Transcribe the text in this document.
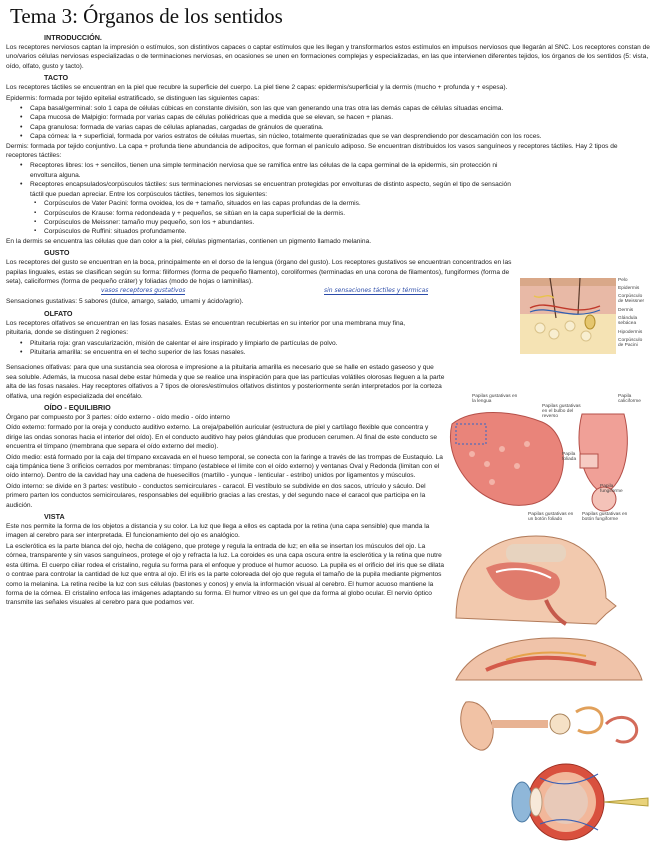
Tema 3: Órganos de los sentidos
INTRODUCCIÓN.

Los receptores nerviosos captan la impresión o estímulos, son distintivos capaces o captar estímulos que les llegan y transformarlos estos estímulos en impulsos nerviosos que llegarán al SNC. Los receptores constan de uno/varios células nerviosas especializadas o de terminaciones nerviosas, en ocasiones se unen en formaciones complejas y especializadas, en las que intervienen diferentes tejidos, los órganos de los sentidos (5: vista, oído, olfato, gusto y tacto).

TACTO

Los receptores táctiles se encuentran en la piel que recubre la superficie del cuerpo. La piel tiene 2 capas: epidermis/superficial y la dermis (mucho + profunda y + espesa).

Epidermis: formada por tejido epitelial estratificado, se distinguen las siguientes capas:

• Capa basal/germinal: solo 1 capa de células cúbicas en constante división, son las que van generando una tras otra las demás capas de células situadas encima.
• Capa mucosa de Malpigio: formada por varias capas de células poliédricas que a medida que se elevan, se hacen + planas.
• Capa granulosa: formada de varias capas de células aplanadas, cargadas de gránulos de queratina.
• Capa córnea: la + superficial, formada por varios estratos de células muertas, sin núcleo, totalmente queratinizadas que se van desprendiendo por descamación con los roces.

Dermis: formada por tejido conjuntivo. La capa + profunda tiene abundancia de adipocitos, que forman el panículo adiposo. Se encuentran distribuidos los vasos sanguíneos y receptores táctiles. Hay 2 tipos de receptores táctiles:

• Receptores libres: los + sencillos, tienen una simple terminación nerviosa que se ramifica entre las células de la capa germinal de la epidermis, sin protección ni envoltura alguna.
• Receptores encapsulados/corpúsculos táctiles: sus terminaciones nerviosas se encuentran protegidas por envolturas de distinto aspecto, según el tipo de sensación táctil que puedan apreciar. Entre los corpúsculos táctiles, tenemos los siguientes:
▪ Corpúsculos de Vater Pacini: forma ovoidea, los de + tamaño, situados en las capas profundas de la dermis.
▪ Corpúsculos de Krause: forma redondeada y + pequeños, se sitúan en la capa superficial de la dermis.
▪ Corpúsculos de Meissner: tamaño muy pequeño, son los + abundantes.
▪ Corpúsculos de Ruffini: situados profundamente.

En la dermis se encuentra las células que dan color a la piel, células pigmentarias, contienen un pigmento llamado melanina.

GUSTO

Los receptores del gusto se encuentran en la boca, principalmente en el dorso de la lengua (órgano del gusto). Los receptores gustativos se encuentran concentrados en las papilas linguales, estas se clasifican según su forma: filiformes (forma de pequeño filamento), coroliformes (terminadas en una corona de filamentos), fungiformes (forma de seta), caliciformes (forma de pequeño cráter) y foliadas (modo de hojas o laminillas).

vasos receptores gustativos	sin sensaciones táctiles y térmicas

Sensaciones gustativas: 5 sabores (dulce, amargo, salado, umami y ácido/agrio).

OLFATO

Los receptores olfativos se encuentran en las fosas nasales. Estas se encuentran recubiertas en su interior por una membrana muy fina, pituitaria, donde se distinguen 2 regiones:

• Pituitaria roja: gran vascularización, misión de calentar el aire inspirado y limpiarlo de partículas de polvo.
• Pituitaria amarilla: se encuentra en el techo superior de las fosas nasales.

Sensaciones olfativas: para que una sustancia sea olorosa e impresione a la pituitaria amarilla es necesario que se halle en estado gaseoso y que sea soluble. Además, la mucosa nasal debe estar húmeda y que se realice una inspiración para que las partículas volátiles olorosas lleguen a la parte alta de las fosas nasales. Hay receptores olfativos a 7 tipos de olores/estímulos olfativos distintos y posteriormente serán interpretados por la corteza olfativa, una región especializada del encéfalo.

OÍDO - EQUILIBRIO

Órgano par compuesto por 3 partes: oído externo - oído medio - oído interno

Oído externo: formado por la oreja y conducto auditivo externo. La oreja/pabellón auricular (estructura de piel y cartílago flexible que concentra y dirige las ondas sonoras hacia el interior del oído). En el conducto auditivo hay pelos glándulas que producen cerumen. Al final de este conducto se encuentra el tímpano (membrana que separa el oído externo del medio).

Oído medio: está formado por la caja del tímpano excavada en el hueso temporal, se conecta con la faringe a través de las trompas de Eustaquio. La caja timpánica tiene 3 orificios cerrados por membranas: tímpano (establece el límite con el oído externo) y ventanas Oval y Redonda (limitan con el oído interno). Dentro de la cavidad hay una cadena de huesecillos (martillo - yunque - lenticular - estribo) unidos por ligamentos y músculos.

Oído interno: se divide en 3 partes: vestíbulo - conductos semicirculares - caracol. El vestíbulo se subdivide en dos sacos, utrículo y sáculo. Del primero parten los conductos semicirculares, responsables del equilibrio gracias a las crestas, y del segundo nace el caracol que participa en la audición.

VISTA

Este nos permite la forma de los objetos a distancia y su color. La luz que llega a ellos es captada por la retina (una capa sensible) que manda la imagen al cerebro para ser interpretada. El funcionamiento del ojo es analógico.

La esclerótica es la parte blanca del ojo, hecha de colágeno, que protege y regula la entrada de luz; en ella se insertan los músculos del ojo. La córnea, transparente y sin vasos sanguíneos, protege el ojo y refracta la luz. La coroides es una capa oscura entre la esclerótica y la retina que nutre esta última. El cuerpo ciliar rodea el cristalino, regula su forma para el enfoque y produce el humor acuoso. La pupila es el orificio del iris que se dilata o contrae para controlar la cantidad de luz que entra al ojo. El iris es la parte coloreada del ojo que regula el tamaño de la pupila mediante pigmentos como la melanina. La retina recibe la luz con sus células (bastones y conos) y envía la información visual al cerebro. El humor acuoso mantiene la forma de la córnea. El cristalino enfoca las imágenes adaptando su forma. El humor vítreo es un gel que da forma al globo ocular. El nervio óptico transmite las señales visuales al cerebro para que podamos ver.

Pelo
Epidermis
Corpúsculo de Meissner
Dermis
Glándula sebácea
Hipodermis
Corpúsculo de Pacini
Papila caliciforme
Papilas gustativas en el bulbo del reverso
Papilas gustativas en la lengua
Papila foliada
Papila fungiforme
Papilas gustativas en un botón foliado
Papilas gustativas en botón fungiforme
